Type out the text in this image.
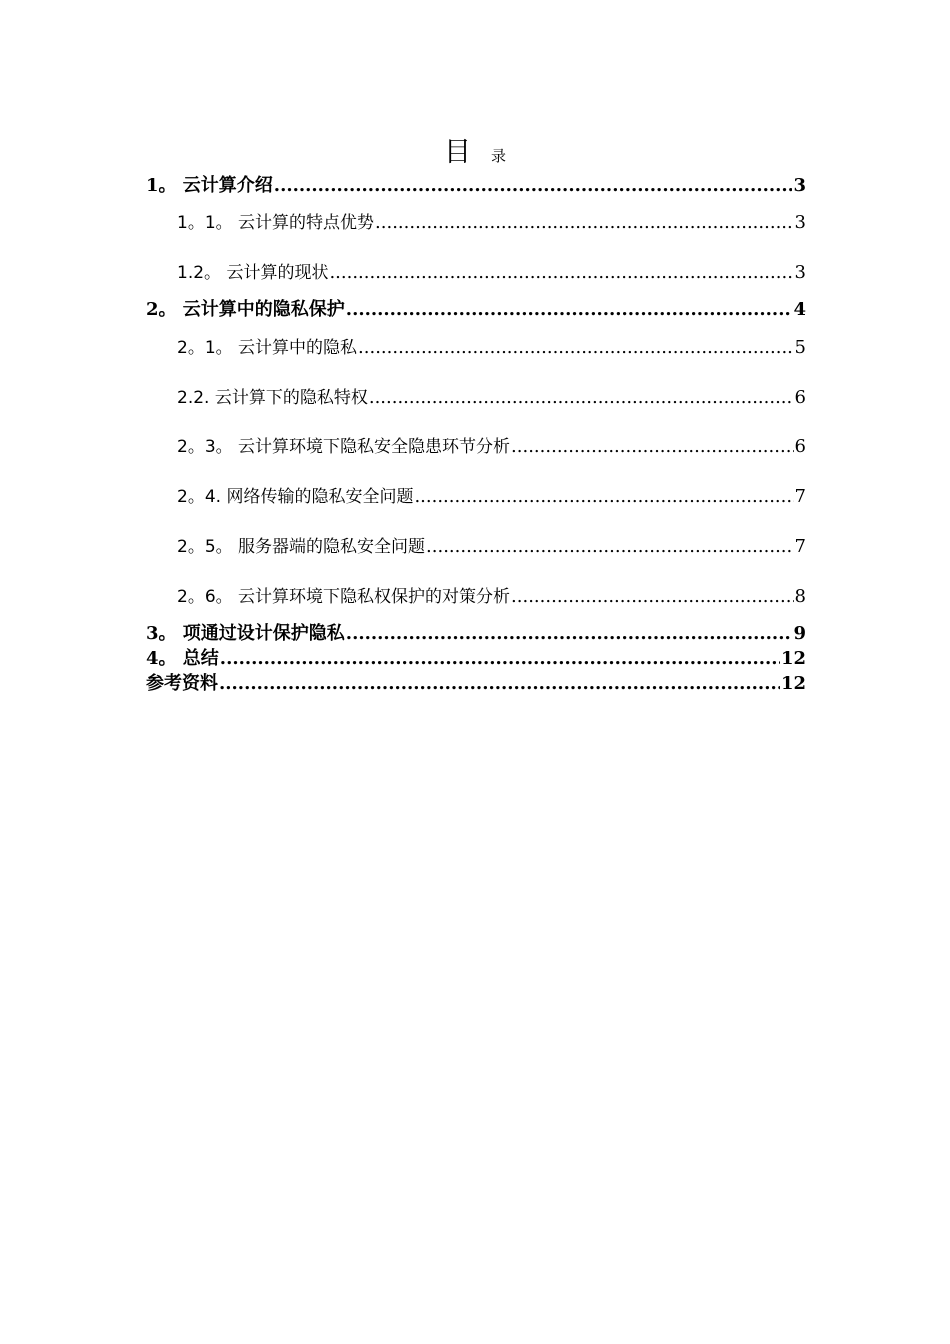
目 录
1。 云计算介绍 .....	3
1。1。 云计算的特点优势 .....	3
1.2。 云计算的现状 .....	3
2。 云计算中的隐私保护 .....	4
2。1。 云计算中的隐私 .....	5
2.2. 云计算下的隐私特权 .....	6
2。3。 云计算环境下隐私安全隐患环节分析 .....	6
2。4. 网络传输的隐私安全问题 .....	7
2。5。 服务器端的隐私安全问题 .....	7
2。6。 云计算环境下隐私权保护的对策分析 .....	8
3。 项通过设计保护隐私 .....	9
4。 总结 .....	12
参考资料 .....	12
